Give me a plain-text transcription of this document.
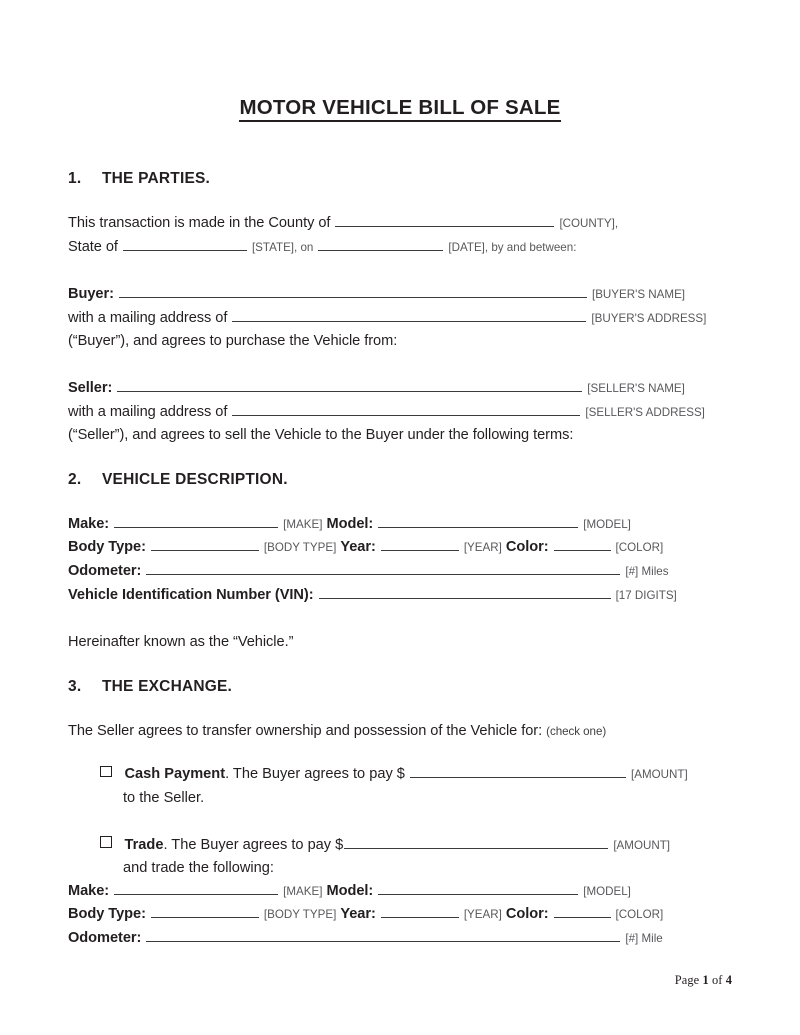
MOTOR VEHICLE BILL OF SALE
1.	THE PARTIES.
This transaction is made in the County of	[COUNTY],
State of	[STATE], on	[DATE], by and between:
Buyer:	[BUYER'S NAME]
with a mailing address of	[BUYER'S ADDRESS]
(“Buyer”), and agrees to purchase the Vehicle from:
Seller:	[SELLER'S NAME]
with a mailing address of	[SELLER'S ADDRESS]
(“Seller”), and agrees to sell the Vehicle to the Buyer under the following terms:
2.	VEHICLE DESCRIPTION.
Make:	[MAKE] Model:	[MODEL]
Body Type:	[BODY TYPE] Year:	[YEAR] Color:	[COLOR]
Odometer:	[#] Miles
Vehicle Identification Number (VIN):	[17 DIGITS]
Hereinafter known as the “Vehicle.”
3.	THE EXCHANGE.
The Seller agrees to transfer ownership and possession of the Vehicle for: (check one)
Cash Payment. The Buyer agrees to pay $	[AMOUNT]
to the Seller.
Trade. The Buyer agrees to pay $	[AMOUNT]
and trade the following:
Make:	[MAKE] Model:	[MODEL]
Body Type:	[BODY TYPE] Year:	[YEAR] Color:	[COLOR]
Odometer:	[#] Mile
Page 1 of 4
